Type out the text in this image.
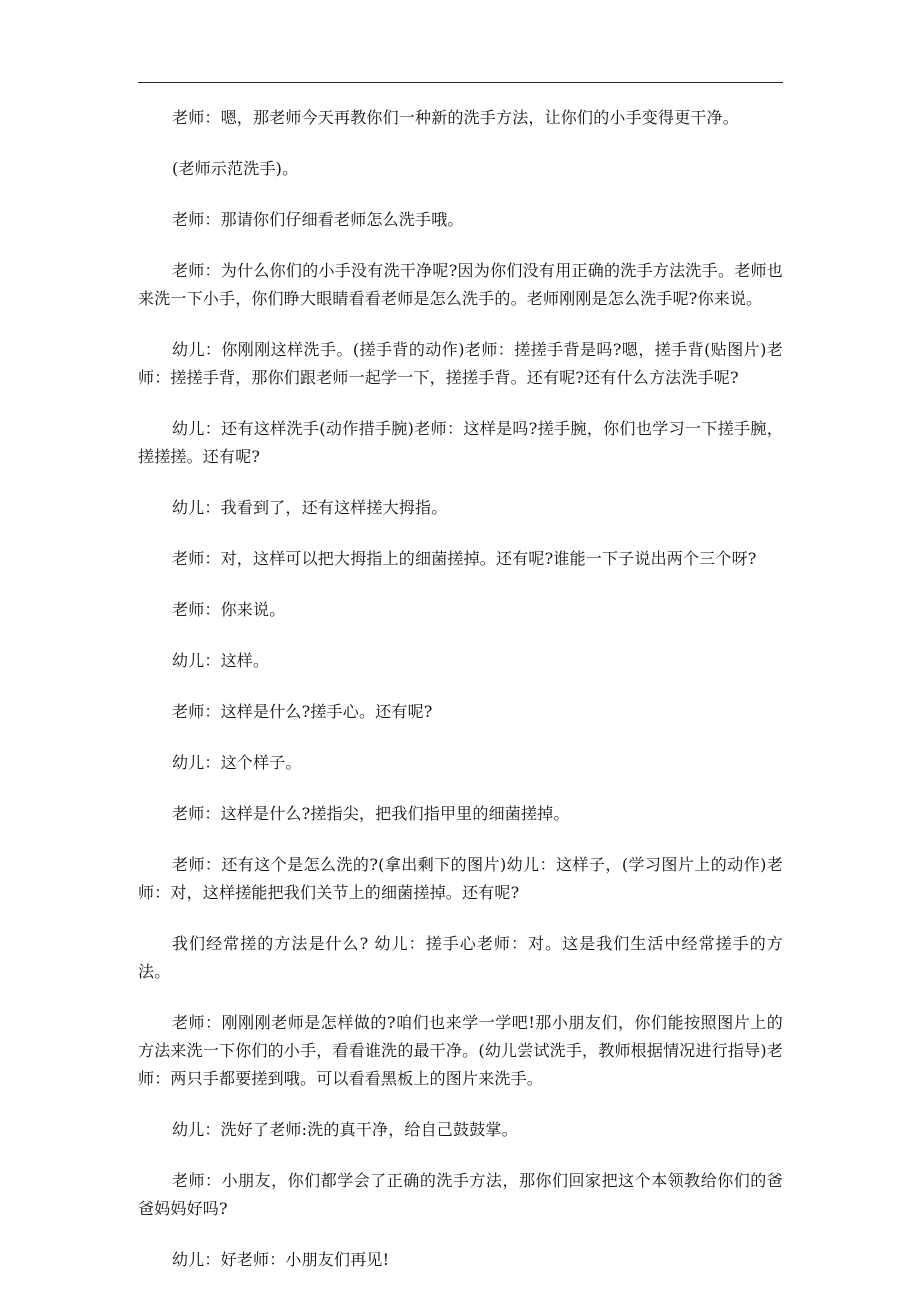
老师：嗯，那老师今天再教你们一种新的洗手方法，让你们的小手变得更干净。

(老师示范洗手)。

老师：那请你们仔细看老师怎么洗手哦。

老师：为什么你们的小手没有洗干净呢?因为你们没有用正确的洗手方法洗手。老师也来洗一下小手，你们睁大眼睛看看老师是怎么洗手的。老师刚刚是怎么洗手呢?你来说。

幼儿：你刚刚这样洗手。(搓手背的动作)老师：搓搓手背是吗?嗯，搓手背(贴图片)老师：搓搓手背，那你们跟老师一起学一下，搓搓手背。还有呢?还有什么方法洗手呢?

幼儿：还有这样洗手(动作措手腕)老师：这样是吗?搓手腕，你们也学习一下搓手腕，搓搓搓。还有呢?

幼儿：我看到了，还有这样搓大拇指。

老师：对，这样可以把大拇指上的细菌搓掉。还有呢?谁能一下子说出两个三个呀?

老师：你来说。

幼儿：这样。

老师：这样是什么?搓手心。还有呢?

幼儿：这个样子。

老师：这样是什么?搓指尖，把我们指甲里的细菌搓掉。

老师：还有这个是怎么洗的?(拿出剩下的图片)幼儿：这样子，(学习图片上的动作)老师：对，这样搓能把我们关节上的细菌搓掉。还有呢?

我们经常搓的方法是什么? 幼儿：搓手心老师：对。这是我们生活中经常搓手的方法。

老师：刚刚刚老师是怎样做的?咱们也来学一学吧!那小朋友们，你们能按照图片上的方法来洗一下你们的小手，看看谁洗的最干净。(幼儿尝试洗手，教师根据情况进行指导)老师：两只手都要搓到哦。可以看看黑板上的图片来洗手。

幼儿：洗好了老师:洗的真干净，给自己鼓鼓掌。

老师：小朋友，你们都学会了正确的洗手方法，那你们回家把这个本领教给你们的爸爸妈妈好吗?

幼儿：好老师：小朋友们再见!
